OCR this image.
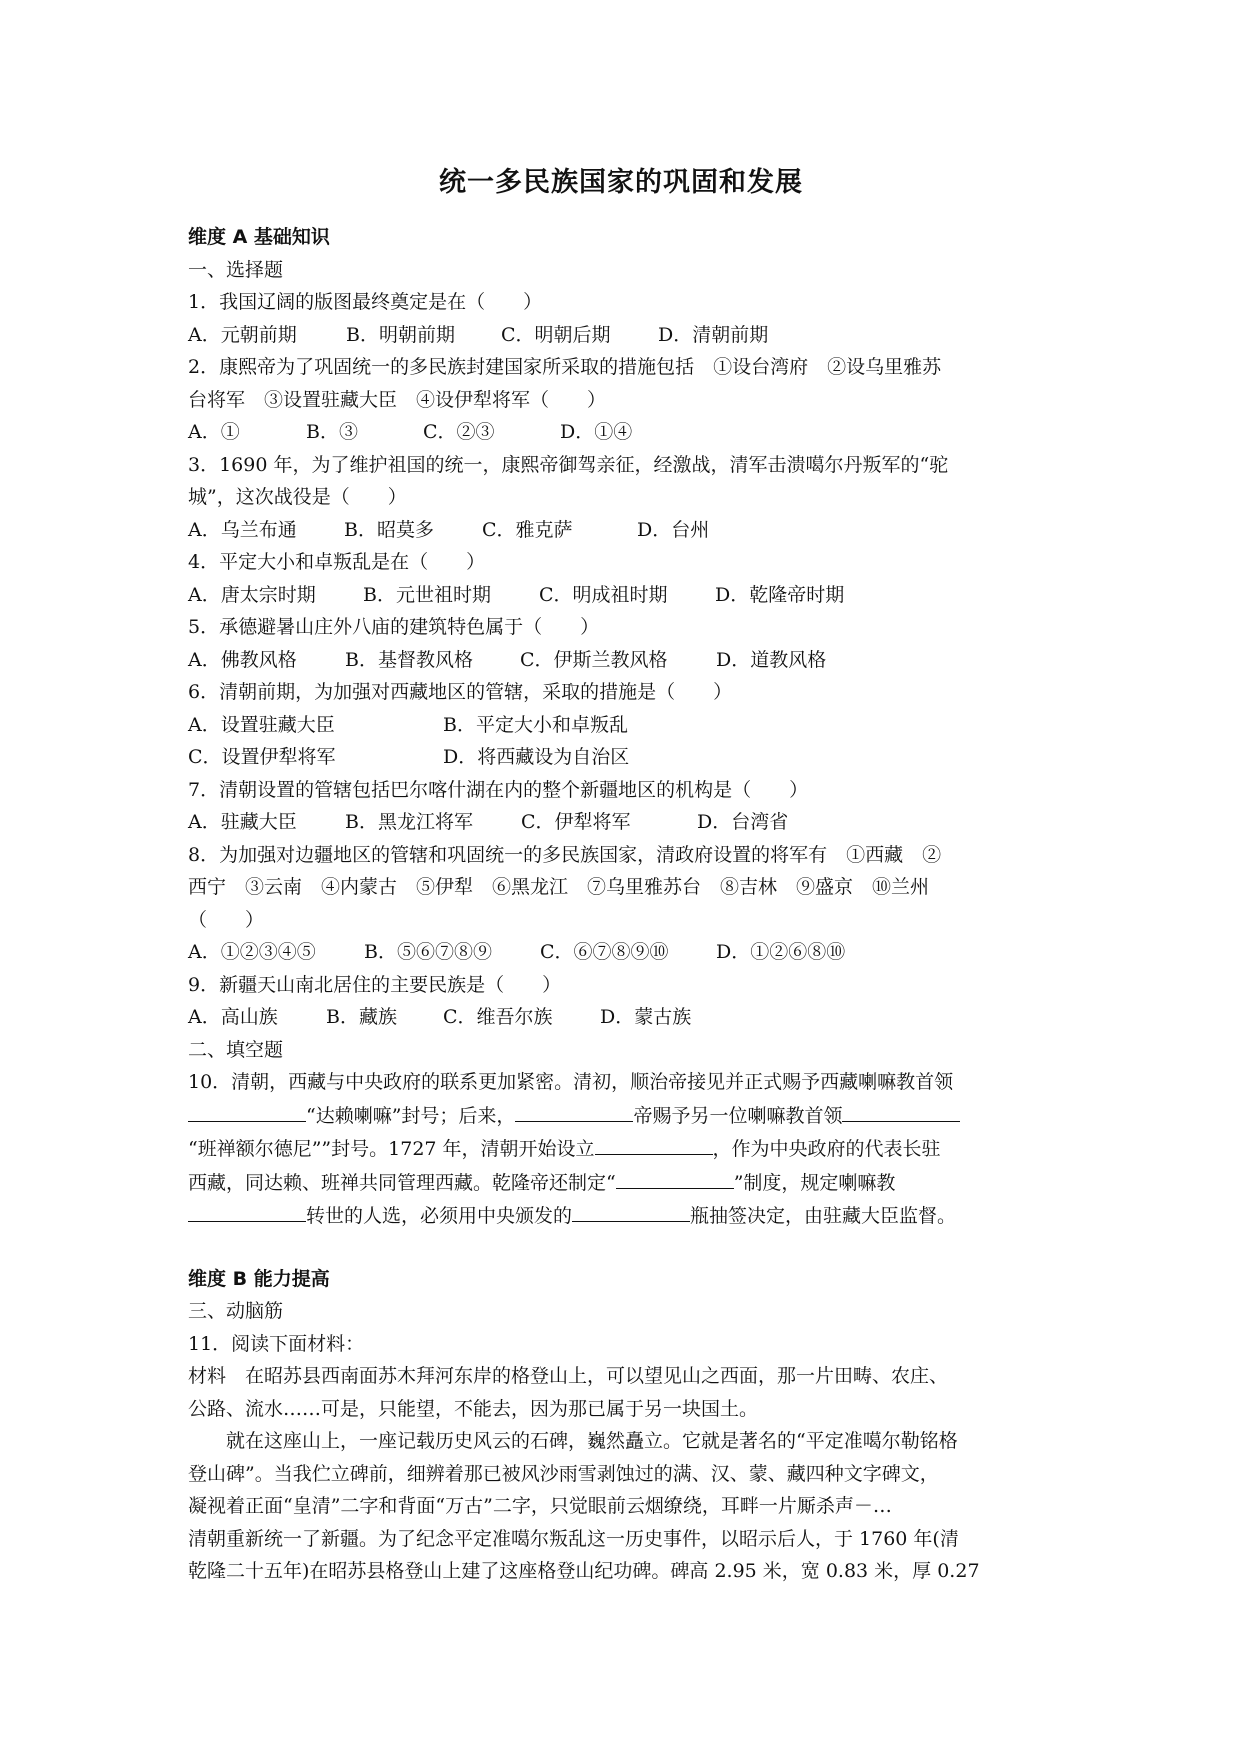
统一多民族国家的巩固和发展
维度 A 基础知识
一、选择题
1．我国辽阔的版图最终奠定是在（　　）
A．元朝前期	B．明朝前期	C．明朝后期	D．清朝前期
2．康熙帝为了巩固统一的多民族封建国家所采取的措施包括　①设台湾府　②设乌里雅苏
台将军　③设置驻藏大臣　④设伊犁将军（　　）
A．①	B．③	C．②③	D．①④
3．1690 年，为了维护祖国的统一，康熙帝御驾亲征，经激战，清军击溃噶尔丹叛军的“驼
城”，这次战役是（　　）
A．乌兰布通	B．昭莫多	C．雅克萨	D．台州
4．平定大小和卓叛乱是在（　　）
A．唐太宗时期	B．元世祖时期	C．明成祖时期	D．乾隆帝时期
5．承德避暑山庄外八庙的建筑特色属于（　　）
A．佛教风格	B．基督教风格	C．伊斯兰教风格	D．道教风格
6．清朝前期，为加强对西藏地区的管辖，采取的措施是（　　）
A．设置驻藏大臣	B．平定大小和卓叛乱
C．设置伊犁将军	D．将西藏设为自治区
7．清朝设置的管辖包括巴尔喀什湖在内的整个新疆地区的机构是（　　）
A．驻藏大臣	B．黑龙江将军	C．伊犁将军	D．台湾省
8．为加强对边疆地区的管辖和巩固统一的多民族国家，清政府设置的将军有　①西藏　②
西宁　③云南　④内蒙古　⑤伊犁　⑥黑龙江　⑦乌里雅苏台　⑧吉林　⑨盛京　⑩兰州
（　　）
A．①②③④⑤	B．⑤⑥⑦⑧⑨	C．⑥⑦⑧⑨⑩	D．①②⑥⑧⑩
9．新疆天山南北居住的主要民族是（　　）
A．高山族	B．藏族	C．维吾尔族	D．蒙古族
二、填空题
10．清朝，西藏与中央政府的联系更加紧密。清初，顺治帝接见并正式赐予西藏喇嘛教首领
“达赖喇嘛”封号；后来，	帝赐予另一位喇嘛教首领
“班禅额尔德尼””封号。1727 年，清朝开始设立	，作为中央政府的代表长驻
西藏，同达赖、班禅共同管理西藏。乾隆帝还制定“	”制度，规定喇嘛教
转世的人选，必须用中央颁发的	瓶抽签决定，由驻藏大臣监督。
维度 B 能力提高
三、动脑筋
11．阅读下面材料：
材料　在昭苏县西南面苏木拜河东岸的格登山上，可以望见山之西面，那一片田畴、农庄、
公路、流水……可是，只能望，不能去，因为那已属于另一块国土。
就在这座山上，一座记载历史风云的石碑，巍然矗立。它就是著名的“平定准噶尔勒铭格
登山碑”。当我伫立碑前，细辨着那已被风沙雨雪剥蚀过的满、汉、蒙、藏四种文字碑文，
凝视着正面“皇清”二字和背面“万古”二字，只觉眼前云烟缭绕，耳畔一片厮杀声－…
清朝重新统一了新疆。为了纪念平定准噶尔叛乱这一历史事件，以昭示后人，于 1760 年(清
乾隆二十五年)在昭苏县格登山上建了这座格登山纪功碑。碑高 2.95 米，宽 0.83 米，厚 0.27
